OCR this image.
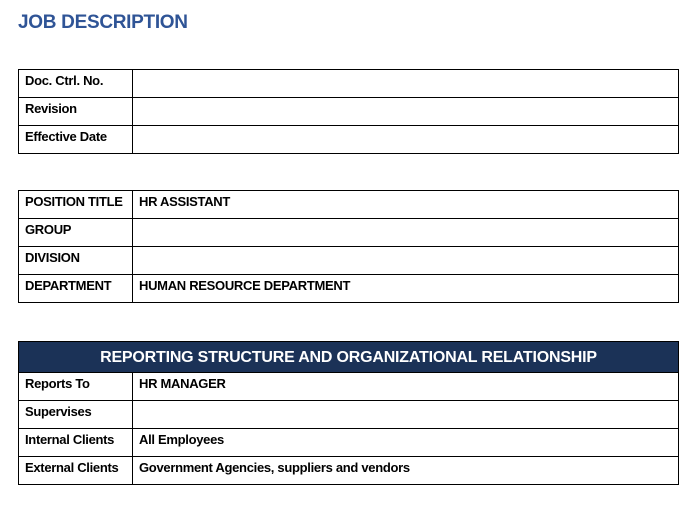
JOB DESCRIPTION
Doc. Ctrl. No.	
Revision	
Effective Date	
POSITION TITLE	HR ASSISTANT
GROUP	
DIVISION	
DEPARTMENT	HUMAN RESOURCE DEPARTMENT
REPORTING STRUCTURE AND ORGANIZATIONAL RELATIONSHIP	
Reports To	HR MANAGER
Supervises	
Internal Clients	All Employees
External Clients	Government Agencies, suppliers and vendors
